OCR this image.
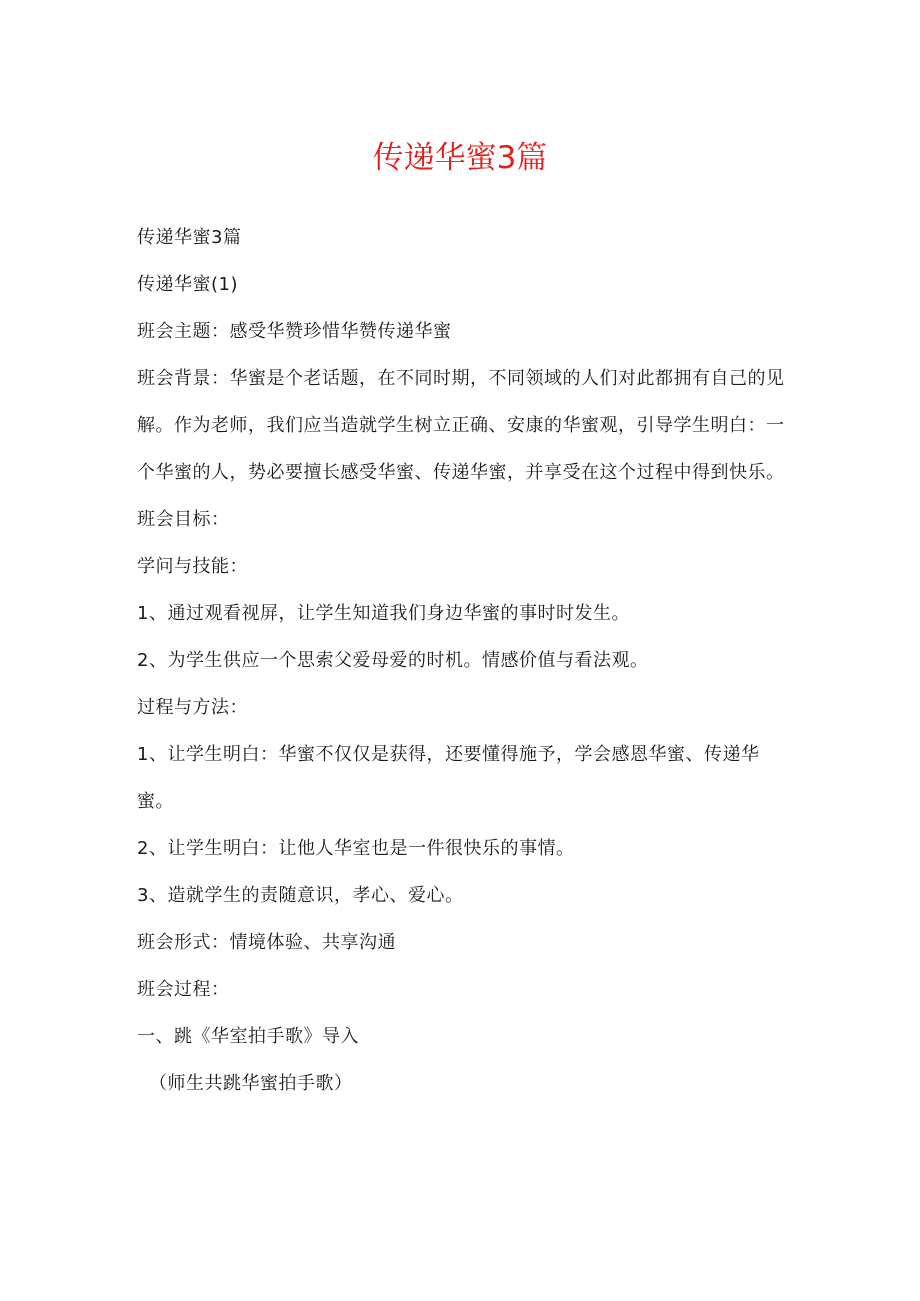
传递华蜜3篇

传递华蜜3篇

传递华蜜(1)

班会主题：感受华赞珍惜华赞传递华蜜

班会背景：华蜜是个老话题，在不同时期，不同领域的人们对此都拥有自己的见解。作为老师，我们应当造就学生树立正确、安康的华蜜观，引导学生明白：一个华蜜的人，势必要擅长感受华蜜、传递华蜜，并享受在这个过程中得到快乐。

班会目标：

学问与技能：

1、通过观看视屏，让学生知道我们身边华蜜的事时时发生。

2、为学生供应一个思索父爱母爱的时机。情感价值与看法观。

过程与方法：

1、让学生明白：华蜜不仅仅是获得，还要懂得施予，学会感恩华蜜、传递华蜜。

2、让学生明白：让他人华室也是一件很快乐的事情。

3、造就学生的责随意识，孝心、爱心。

班会形式：情境体验、共享沟通

班会过程：

一、跳《华室拍手歌》导入

（师生共跳华蜜拍手歌）
